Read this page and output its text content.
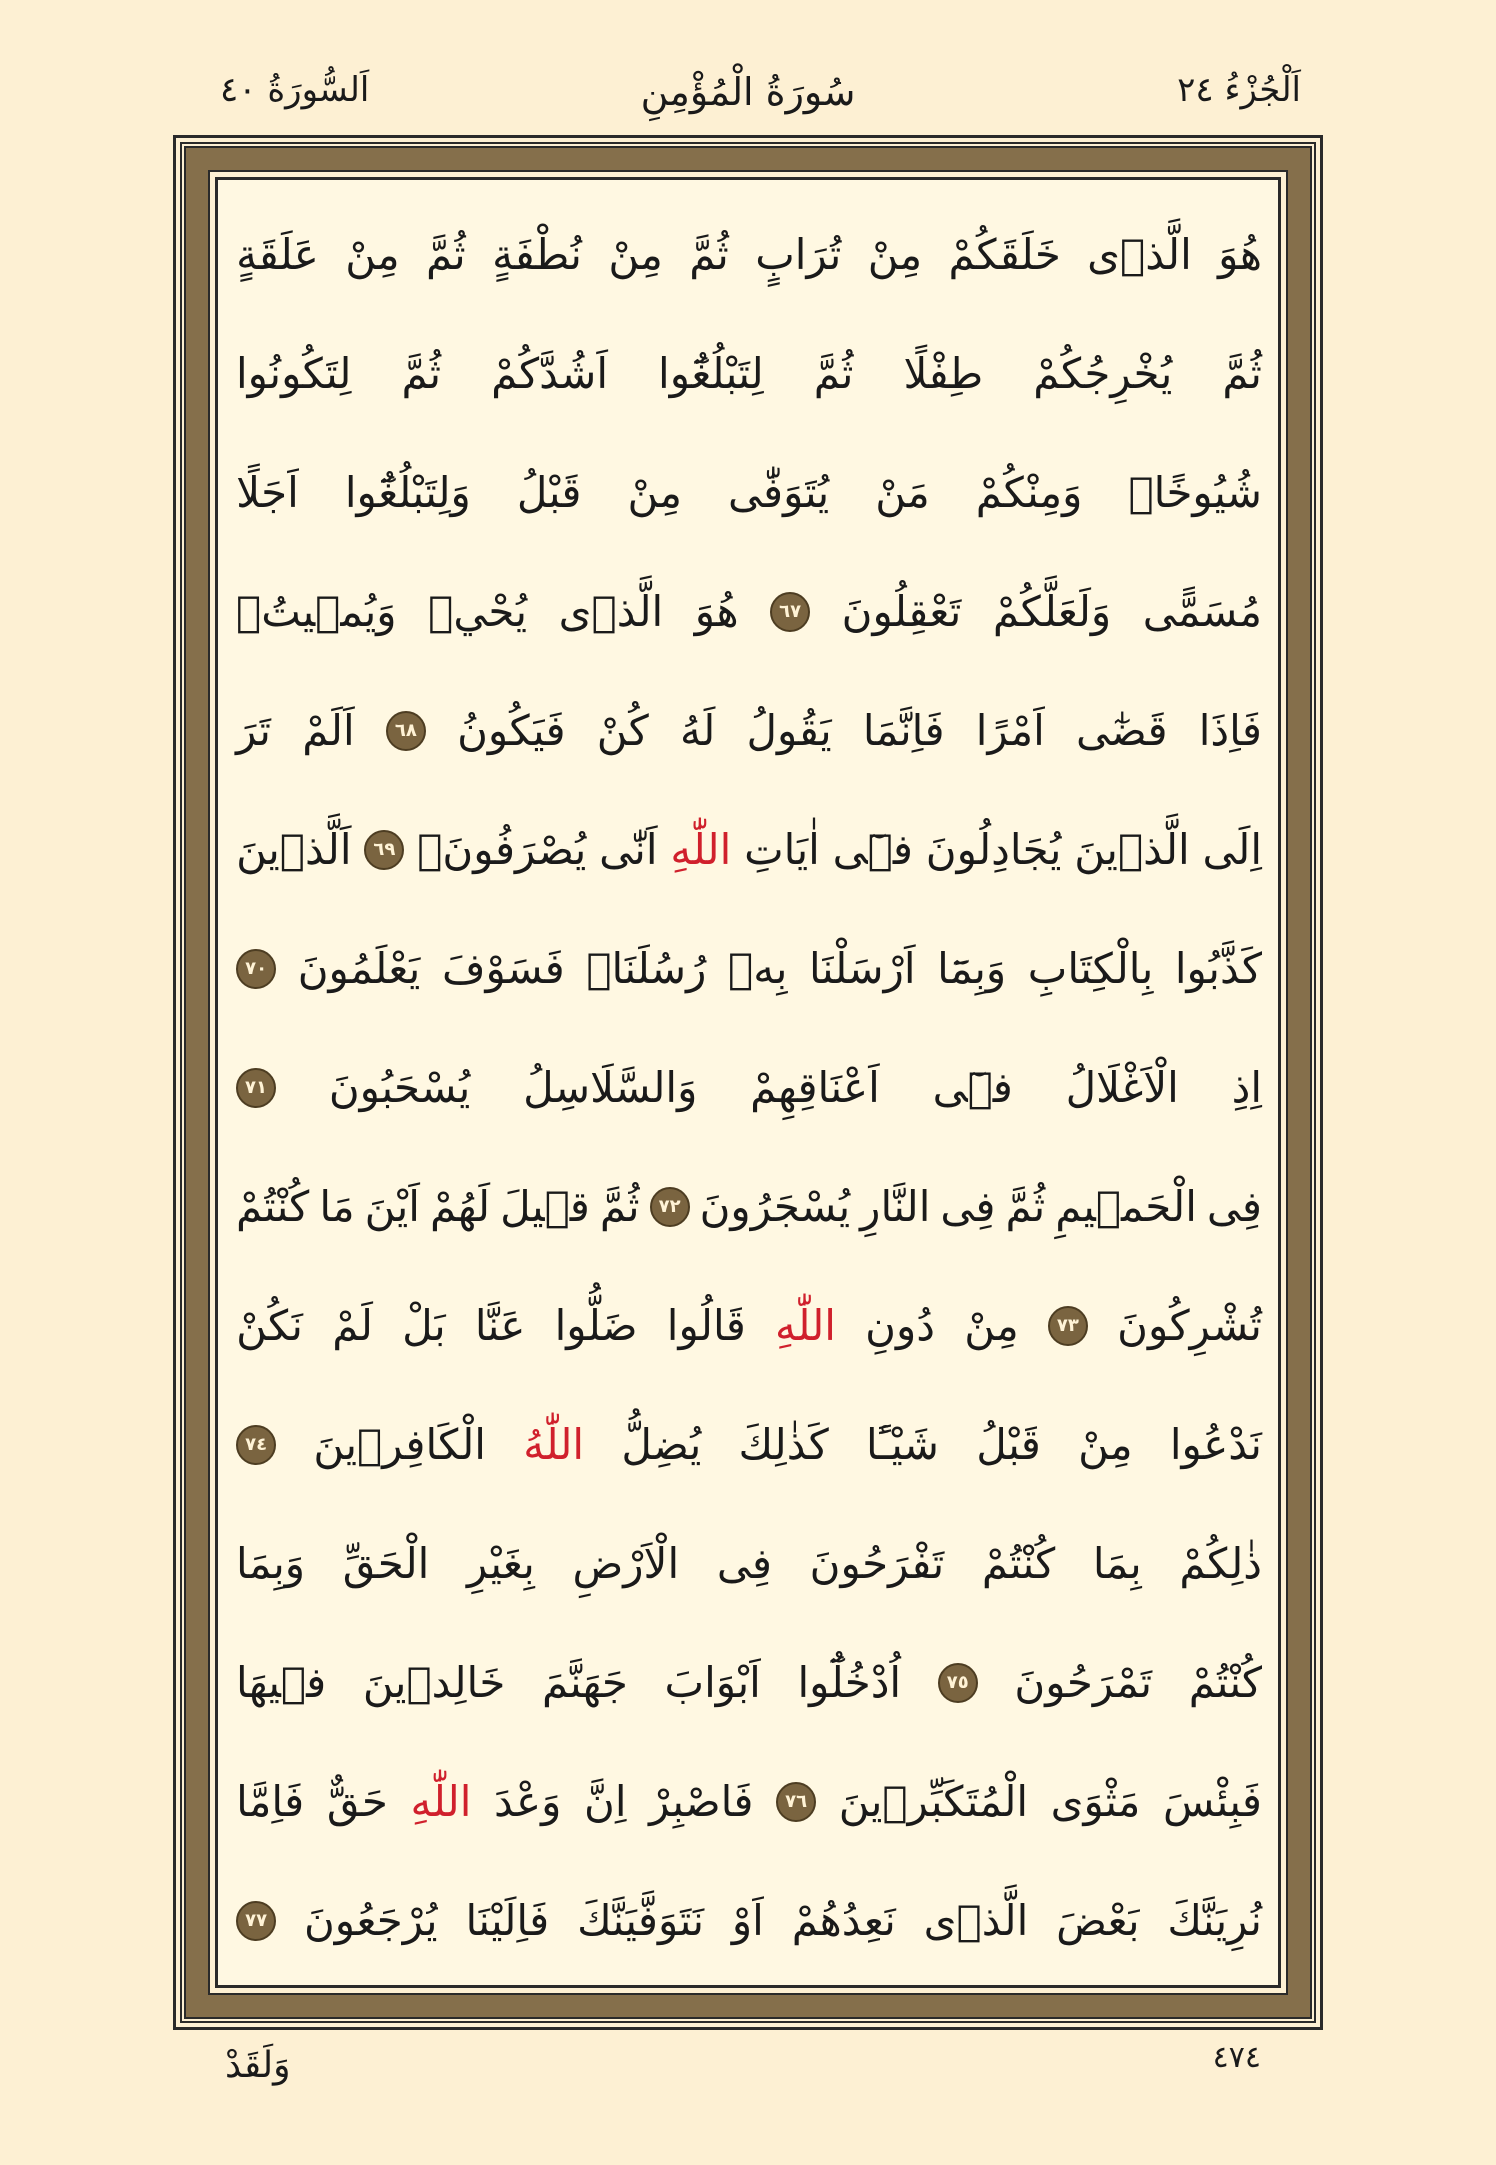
اَلْجُزْءُ ٢٤
سُورَةُ الْمُؤْمِنِ
اَلسُّورَةُ ٤٠
هُوَ
الَّذٖى
خَلَقَكُمْ
مِنْ
تُرَابٍ
ثُمَّ
مِنْ
نُطْفَةٍ
ثُمَّ
مِنْ
عَلَقَةٍ
ثُمَّ
يُخْرِجُكُمْ
طِفْلًا
ثُمَّ
لِتَبْلُغُٓوا
اَشُدَّكُمْ
ثُمَّ
لِتَكُونُوا
شُيُوخًاۚ
وَمِنْكُمْ
مَنْ
يُتَوَفّٰى
مِنْ
قَبْلُ
وَلِتَبْلُغُٓوا
اَجَلًا
مُسَمًّى
وَلَعَلَّكُمْ
تَعْقِلُونَ
٦٧
هُوَ
الَّذٖى
يُحْيٖ
وَيُمٖيتُۚ
فَاِذَا
قَضٰٓى
اَمْرًا
فَاِنَّمَا
يَقُولُ
لَهُ
كُنْ
فَيَكُونُ
٦٨
اَلَمْ
تَرَ
اِلَى
الَّذٖينَ
يُجَادِلُونَ
فٖٓى
اٰيَاتِ
اللّٰهِ
اَنّٰى
يُصْرَفُونَۚ
٦٩
اَلَّذٖينَ
كَذَّبُوا
بِالْكِتَابِ
وَبِمَٓا
اَرْسَلْنَا
بِهٖ
رُسُلَنَاۚ
فَسَوْفَ
يَعْلَمُونَ
٧٠
اِذِ
الْاَغْلَالُ
فٖٓى
اَعْنَاقِهِمْ
وَالسَّلَاسِلُ
يُسْحَبُونَ
٧١
فِى
الْحَمٖيمِ
ثُمَّ
فِى
النَّارِ
يُسْجَرُونَ
٧٢
ثُمَّ
قٖيلَ
لَهُمْ
اَيْنَ
مَا
كُنْتُمْ
تُشْرِكُونَ
٧٣
مِنْ
دُونِ
اللّٰهِ
قَالُوا
ضَلُّوا
عَنَّا
بَلْ
لَمْ
نَكُنْ
نَدْعُوا
مِنْ
قَبْلُ
شَيْـًٔا
كَذٰلِكَ
يُضِلُّ
اللّٰهُ
الْكَافِرٖينَ
٧٤
ذٰلِكُمْ
بِمَا
كُنْتُمْ
تَفْرَحُونَ
فِى
الْاَرْضِ
بِغَيْرِ
الْحَقِّ
وَبِمَا
كُنْتُمْ
تَمْرَحُونَ
٧٥
اُدْخُلُٓوا
اَبْوَابَ
جَهَنَّمَ
خَالِدٖينَ
فٖيهَا
فَبِئْسَ
مَثْوَى
الْمُتَكَبِّرٖينَ
٧٦
فَاصْبِرْ
اِنَّ
وَعْدَ
اللّٰهِ
حَقٌّ
فَاِمَّا
نُرِيَنَّكَ
بَعْضَ
الَّذٖى
نَعِدُهُمْ
اَوْ
نَتَوَفَّيَنَّكَ
فَاِلَيْنَا
يُرْجَعُونَ
٧٧
٤٧٤
وَلَقَدْ
